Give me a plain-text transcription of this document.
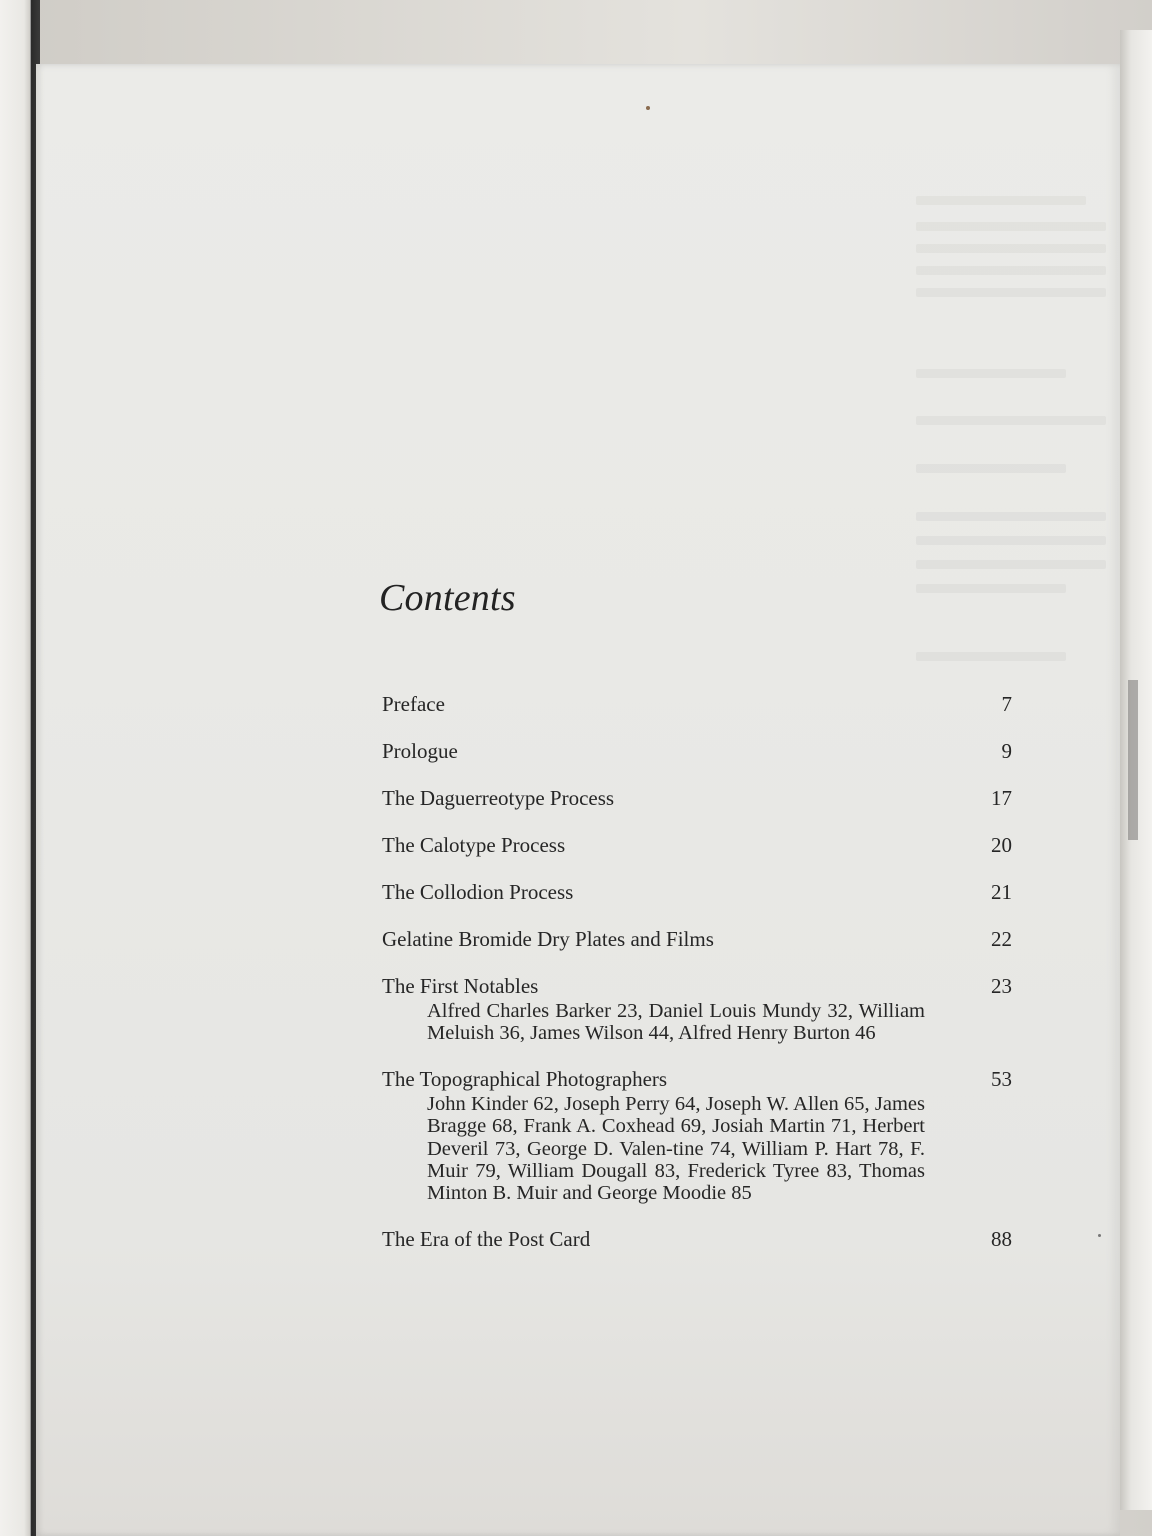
Contents
Preface	7
Prologue	9
The Daguerreotype Process	17
The Calotype Process	20
The Collodion Process	21
Gelatine Bromide Dry Plates and Films	22
The First Notables	23
Alfred Charles Barker 23, Daniel Louis Mundy 32, William Meluish 36, James Wilson 44, Alfred Henry Burton 46
The Topographical Photographers	53
John Kinder 62, Joseph Perry 64, Joseph W. Allen 65, James Bragge 68, Frank A. Coxhead 69, Josiah Martin 71, Herbert Deveril 73, George D. Valen-tine 74, William P. Hart 78, F. Muir 79, William Dougall 83, Frederick Tyree 83, Thomas Minton B. Muir and George Moodie 85
The Era of the Post Card	88
